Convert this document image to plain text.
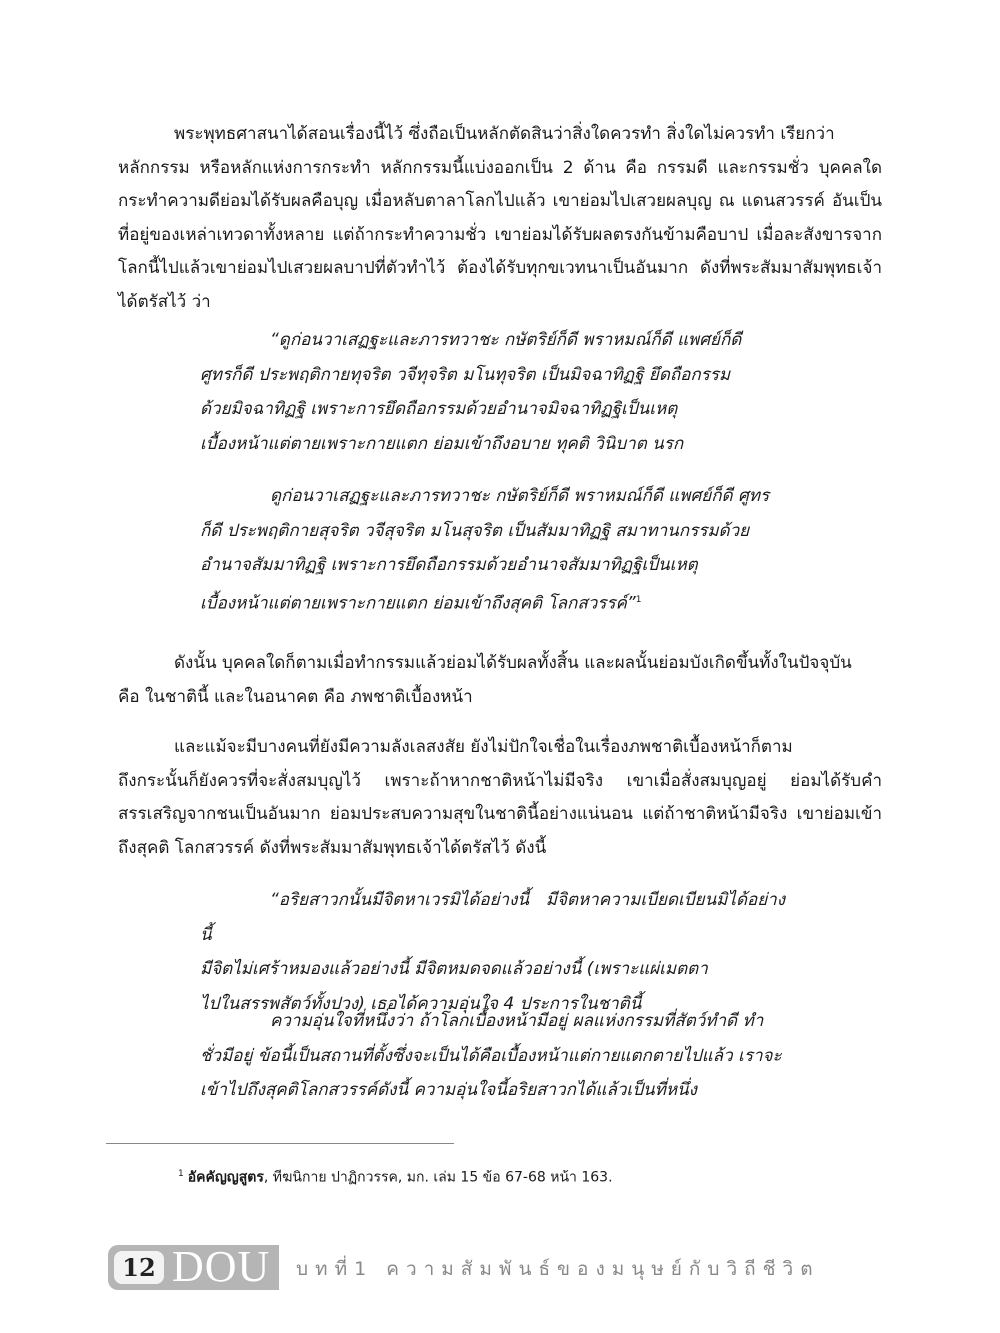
พระพุทธศาสนาได้สอนเรื่องนี้ไว้ ซึ่งถือเป็นหลักตัดสินว่าสิ่งใดควรทำ สิ่งใดไม่ควรทำ เรียกว่า
หลักกรรม หรือหลักแห่งการกระทำ หลักกรรมนี้แบ่งออกเป็น 2 ด้าน คือ กรรมดี และกรรมชั่ว บุคคลใดกระทำความดีย่อมได้รับผลคือบุญ เมื่อหลับตาลาโลกไปแล้ว เขาย่อมไปเสวยผลบุญ ณ แดนสวรรค์ อันเป็นที่อยู่ของเหล่าเทวดาทั้งหลาย แต่ถ้ากระทำความชั่ว เขาย่อมได้รับผลตรงกันข้ามคือบาป เมื่อละสังขารจากโลกนี้ไปแล้วเขาย่อมไปเสวยผลบาปที่ตัวทำไว้ ต้องได้รับทุกขเวทนาเป็นอันมาก ดังที่พระสัมมาสัมพุทธเจ้าได้ตรัสไว้ ว่า

“ดูก่อนวาเสฏฐะและภารทวาชะ กษัตริย์ก็ดี พราหมณ์ก็ดี แพศย์ก็ดี
ศูทรก็ดี ประพฤติกายทุจริต วจีทุจริต มโนทุจริต เป็นมิจฉาทิฏฐิ ยึดถือกรรม
ด้วยมิจฉาทิฏฐิ เพราะการยึดถือกรรมด้วยอำนาจมิจฉาทิฏฐิเป็นเหตุ
เบื้องหน้าแต่ตายเพราะกายแตก ย่อมเข้าถึงอบาย ทุคติ วินิบาต นรก
ดูก่อนวาเสฏฐะและภารทวาชะ กษัตริย์ก็ดี พราหมณ์ก็ดี แพศย์ก็ดี ศูทร
ก็ดี ประพฤติกายสุจริต วจีสุจริต มโนสุจริต เป็นสัมมาทิฏฐิ สมาทานกรรมด้วย
อำนาจสัมมาทิฏฐิ เพราะการยึดถือกรรมด้วยอำนาจสัมมาทิฏฐิเป็นเหตุ
เบื้องหน้าแต่ตายเพราะกายแตก ย่อมเข้าถึงสุคติ โลกสวรรค์”$^1$

ดังนั้น บุคคลใดก็ตามเมื่อทำกรรมแล้วย่อมได้รับผลทั้งสิ้น และผลนั้นย่อมบังเกิดขึ้นทั้งในปัจจุบัน
คือ ในชาตินี้ และในอนาคต คือ ภพชาติเบื้องหน้า

และแม้จะมีบางคนที่ยังมีความลังเลสงสัย ยังไม่ปักใจเชื่อในเรื่องภพชาติเบื้องหน้าก็ตาม
ถึงกระนั้นก็ยังควรที่จะสั่งสมบุญไว้ เพราะถ้าหากชาติหน้าไม่มีจริง เขาเมื่อสั่งสมบุญอยู่ ย่อมได้รับคำสรรเสริญจากชนเป็นอันมาก ย่อมประสบความสุขในชาตินี้อย่างแน่นอน แต่ถ้าชาติหน้ามีจริง เขาย่อมเข้าถึงสุคติ โลกสวรรค์ ดังที่พระสัมมาสัมพุทธเจ้าได้ตรัสไว้ ดังนี้

“อริยสาวกนั้นมีจิตหาเวรมิได้อย่างนี้ มีจิตหาความเบียดเบียนมิได้อย่างนี้
มีจิตไม่เศร้าหมองแล้วอย่างนี้ มีจิตหมดจดแล้วอย่างนี้ (เพราะแผ่เมตตา
ไปในสรรพสัตว์ทั้งปวง) เธอได้ความอุ่นใจ 4 ประการในชาตินี้
ความอุ่นใจที่หนึ่งว่า ถ้าโลกเบื้องหน้ามีอยู่ ผลแห่งกรรมที่สัตว์ทำดี ทำ
ชั่วมีอยู่ ข้อนี้เป็นสถานที่ตั้งซึ่งจะเป็นได้คือเบื้องหน้าแต่กายแตกตายไปแล้ว เราจะ
เข้าไปถึงสุคติโลกสวรรค์ดังนี้ ความอุ่นใจนี้อริยสาวกได้แล้วเป็นที่หนึ่ง
$^1$ อัคคัญญสูตร, ทีฆนิกาย ปาฏิกวรรค, มก. เล่ม 15 ข้อ 67-68 หน้า 163.
12 DOU บทที่1 ความสัมพันธ์ของมนุษย์กับวิถีชีวิต
